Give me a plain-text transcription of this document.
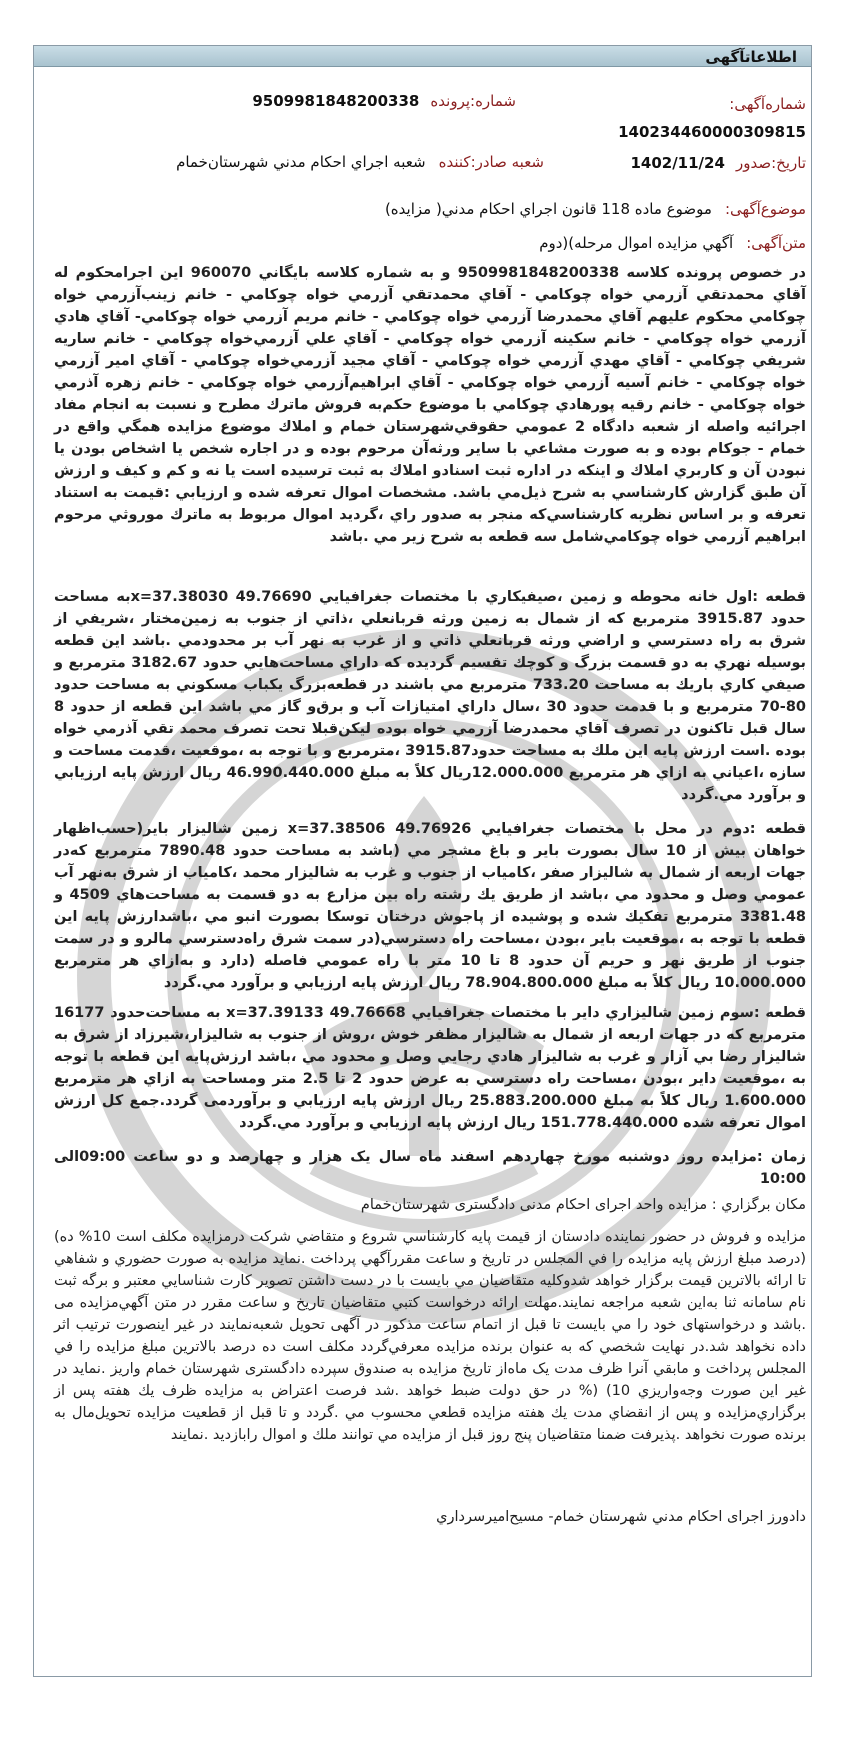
اطلاعاتآگهی
شماره‌آگهی:
140234460000309815
شماره:پرونده 9509981848200338
تاريخ:صدور 1402/11/24
شعبه صادر:كننده شعبه اجراي احكام مدني شهرستان‌خمام
موضوع‌آگهی: موضوع ماده 118 قانون اجراي احكام مدني( مزايده)
متن‌آگهی: آگهي مزايده اموال مرحله)(دوم

در خصوص پرونده كلاسه 9509981848200338 و به شماره كلاسه بايگاني 960070 اين اجرامحكوم له آقاي محمدتقي آزرمي خواه چوكامي - آقاي محمدتقي آزرمي خواه چوكامي - خانم زينب‌آزرمي خواه چوكامي محكوم عليهم آقاي محمدرضا آزرمي خواه چوكامي - خانم مريم آزرمي خواه چوكامي- آقاي هادي آزرمي خواه چوكامي - خانم سكينه آزرمي خواه چوكامي - آقاي علي آزرمي‌خواه چوكامي - خانم ساريه شريفي چوكامي - آقاي مهدي آزرمي خواه چوكامي - آقاي مجيد آزرمي‌خواه چوكامي - آقاي امير آزرمي خواه چوكامي - خانم آسيه آزرمي خواه چوكامي - آقاي ابراهيم‌آزرمي خواه چوكامي - خانم زهره آذرمي خواه چوكامي - خانم رقيه پورهادي چوكامي با موضوع حكم‌به فروش ماترك مطرح و نسبت به انجام مفاد اجرائيه واصله از شعبه دادگاه 2 عمومي حقوقي‌شهرستان خمام و املاك موضوع مزايده همگي واقع در خمام - جوكام بوده و به صورت مشاعي با ساير ورثه‌آن مرحوم بوده و در اجاره شخص يا اشخاص بودن يا نبودن آن و كاربري املاك و اينكه در اداره ثبت اسنادو املاك به ثبت ترسيده است يا نه و كم و كيف و ارزش آن طبق گزارش كارشناسي به شرح ذيل‌مي باشد. مشخصات اموال تعرفه شده و ارزيابي :قيمت به استناد تعرفه و بر اساس نظريه كارشناسي‌كه منجر به صدور راي ،گرديد اموال مربوط به ماترك موروثي مرحوم ابراهيم آزرمي خواه چوكامي‌شامل سه قطعه به شرح زير مي .باشد

قطعه :اول خانه محوطه و زمين ،صيفيكاري با مختصات جغرافيايي 49.76690 x=37.38030به مساحت حدود 3915.87 مترمربع كه از شمال به زمين ورثه قربانعلي ،ذاتي از جنوب به زمين‌مختار ،شريفي از شرق به راه دسترسي و اراضي ورثه قربانعلي ذاتي و از غرب به نهر آب بر محدودمي .باشد اين قطعه بوسيله نهري به دو قسمت بزرگ و كوچك تقسيم گرديده كه داراي مساحت‌هايي حدود 3182.67 مترمربع و صيفي كاري باريك به مساحت 733.20 مترمربع مي باشند در قطعه‌بزرگ يكباب مسكوني به مساحت حدود 80-70 مترمربع و با قدمت حدود 30 ،سال داراي امتيازات آب و برق‌و گاز مي باشد اين قطعه از حدود 8 سال قبل تاكنون در تصرف آقاي محمدرضا آزرمي خواه بوده ليكن‌قبلا تحت تصرف محمد تقي آذرمي خواه بوده .است ارزش پايه اين ملك به مساحت حدود3915.87 ،مترمربع و با توجه به ،موقعيت ،قدمت مساحت و سازه ،اعياني به ازاي هر مترمربع 12.000.000ريال كلاً به مبلغ 46.990.440.000 ريال ارزش پايه ارزيابي و برآورد مي.گردد

قطعه :دوم در محل با مختصات جغرافيايي 49.76926 x=37.38506 زمين شاليزار باير(حسب‌اظهار خواهان بيش از 10 سال بصورت باير و باغ مشجر مي (باشد به مساحت حدود 7890.48 مترمربع كه‌در جهات اربعه از شمال به شاليزار صفر ،كامياب از جنوب و غرب به شاليزار محمد ،كامياب از شرق به‌نهر آب عمومي وصل و محدود مي ،باشد از طريق يك رشته راه بين مزارع به دو قسمت به مساحت‌هاي 4509 و 3381.48 مترمربع تفكيك شده و پوشيده از پاجوش درختان توسكا بصورت انبو مي ،باشدارزش پايه اين قطعه با توجه به ،موقعيت باير ،بودن ،مساحت راه دسترسي(در سمت شرق راه‌دسترسي مالرو و در سمت جنوب از طريق نهر و حريم آن حدود 8 تا 10 متر با راه عمومي فاصله (دارد و به‌ازاي هر مترمربع 10.000.000 ريال كلاً به مبلغ 78.904.800.000 ريال ارزش پايه ارزيابي و برآورد مي.گردد

قطعه :سوم زمين شاليزاري داير با مختصات جغرافيايي 49.76668 x=37.39133 به مساحت‌حدود 16177 مترمربع كه در جهات اربعه از شمال به شاليزار مظفر خوش ،روش از جنوب به شاليزار،شيرزاد از شرق به شاليزار رضا بي آزار و غرب به شاليزار هادي رجايي وصل و محدود مي ،باشد ارزش‌پايه اين قطعه با توجه به ،موقعيت داير ،بودن ،مساحت راه دسترسي به عرض حدود 2 تا 2.5 متر ومساحت به ازاي هر مترمربع 1.600.000 ريال كلاً به مبلغ 25.883.200.000 ريال ارزش پايه ارزيابي و برآوردمی گردد.جمع كل ارزش اموال تعرفه شده 151.778.440.000 ريال ارزش پايه ارزيابي و برآورد مي.گردد

زمان :مزايده روز دوشنبه مورخ چهاردهم اسفند ماه سال یک هزار و چهارصد و دو ساعت 09:00الی 10:00

مکان برگزاري : مزايده واحد اجراى احكام مدنى دادگسترى شهرستان‌خمام

مزايده و فروش در حضور نماينده دادستان از قيمت پايه كارشناسي شروع و متقاضي شركت درمزايده مكلف است 10% ده) (درصد مبلغ ارزش پايه مزايده را في المجلس در تاريخ و ساعت مقررآگهي پرداخت .نمايد مزايده به صورت حضوري و شفاهي تا ارائه بالاترين قيمت برگزار خواهد شدوكليه متقاضيان مي بايست با در دست داشتن تصوير كارت شناسايي معتبر و برگه ثبت نام سامانه ثنا به‌اين شعبه مراجعه نمايند.مهلت ارائه درخواست كتبي متقاضيان تاريخ و ساعت مقرر در متن آگهي‌مزايده مى .باشد و درخواستهاى خود را مي بايست تا قبل از اتمام ساعت مذكور در آگهى تحويل شعبه‌نمايند در غير اينصورت ترتيب اثر داده نخواهد شد.در نهايت شخصي كه به عنوان برنده مزايده معرفي‌گردد مكلف است ده درصد بالاترين مبلغ مزايده را في المجلس پرداخت و مابقي آنرا ظرف مدت يک ماه‌از تاريخ مزايده به صندوق سپرده دادگسترى شهرستان خمام واريز .نمايد در غير اين صورت وجه‌واريزي 10) (% در حق دولت ضبط خواهد .شد فرصت اعتراض به مزايده ظرف يك هفته پس از برگزاري‌مزايده و پس از انقضاي مدت يك هفته مزايده قطعي محسوب مي .گردد و تا قبل از قطعيت مزايده تحويل‌مال به برنده صورت نخواهد .پذيرفت ضمنا متقاضيان پنج روز قبل از مزايده مي توانند ملك و اموال رابازديد .نمايند

دادورز اجراى احكام مدني شهرستان خمام- مسيح‌اميرسرداري
